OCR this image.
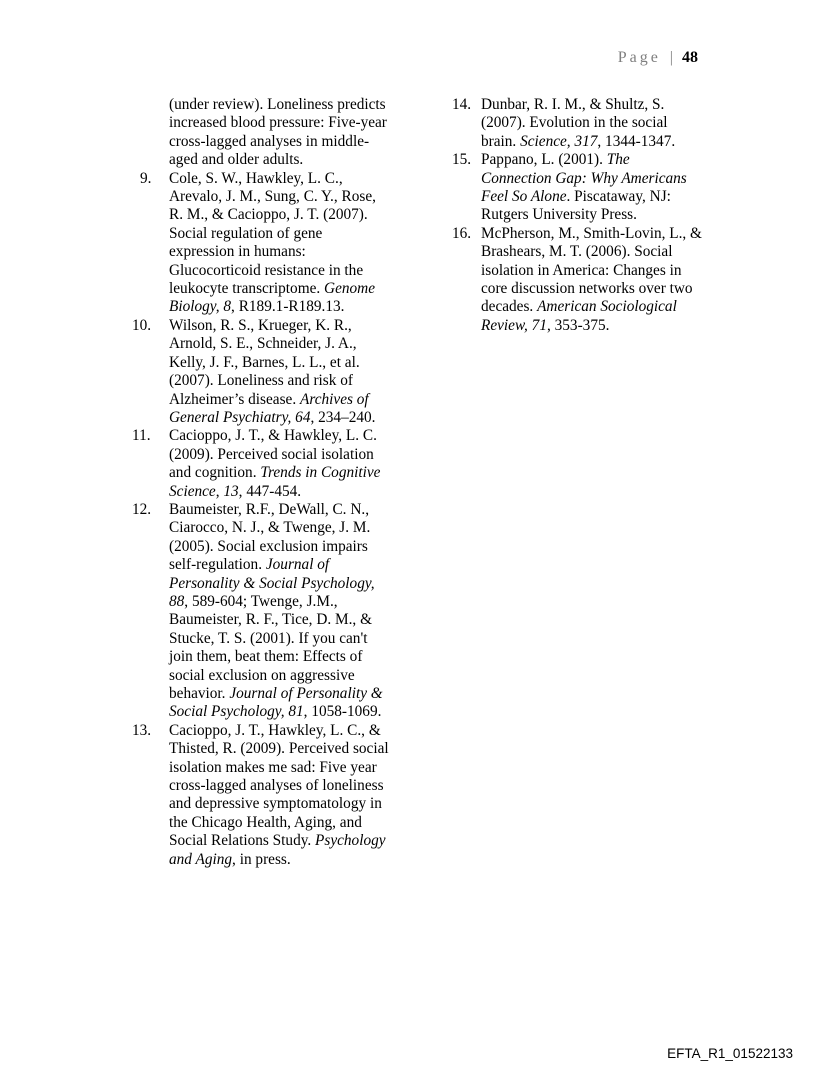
Page | 48
(under review). Loneliness predicts increased blood pressure: Five-year cross-lagged analyses in middle-aged and older adults.
9. Cole, S. W., Hawkley, L. C., Arevalo, J. M., Sung, C. Y., Rose, R. M., & Cacioppo, J. T. (2007). Social regulation of gene expression in humans: Glucocorticoid resistance in the leukocyte transcriptome. Genome Biology, 8, R189.1-R189.13.
10. Wilson, R. S., Krueger, K. R., Arnold, S. E., Schneider, J. A., Kelly, J. F., Barnes, L. L., et al. (2007). Loneliness and risk of Alzheimer’s disease. Archives of General Psychiatry, 64, 234–240.
11. Cacioppo, J. T., & Hawkley, L. C. (2009). Perceived social isolation and cognition. Trends in Cognitive Science, 13, 447-454.
12. Baumeister, R.F., DeWall, C. N., Ciarocco, N. J., & Twenge, J. M. (2005). Social exclusion impairs self-regulation. Journal of Personality & Social Psychology, 88, 589-604; Twenge, J.M., Baumeister, R. F., Tice, D. M., & Stucke, T. S. (2001). If you can't join them, beat them: Effects of social exclusion on aggressive behavior. Journal of Personality & Social Psychology, 81, 1058-1069.
13. Cacioppo, J. T., Hawkley, L. C., & Thisted, R. (2009). Perceived social isolation makes me sad: Five year cross-lagged analyses of loneliness and depressive symptomatology in the Chicago Health, Aging, and Social Relations Study. Psychology and Aging, in press.
14. Dunbar, R. I. M., & Shultz, S. (2007). Evolution in the social brain. Science, 317, 1344-1347.
15. Pappano, L. (2001). The Connection Gap: Why Americans Feel So Alone. Piscataway, NJ: Rutgers University Press.
16. McPherson, M., Smith-Lovin, L., & Brashears, M. T. (2006). Social isolation in America: Changes in core discussion networks over two decades. American Sociological Review, 71, 353-375.
EFTA_R1_01522133
